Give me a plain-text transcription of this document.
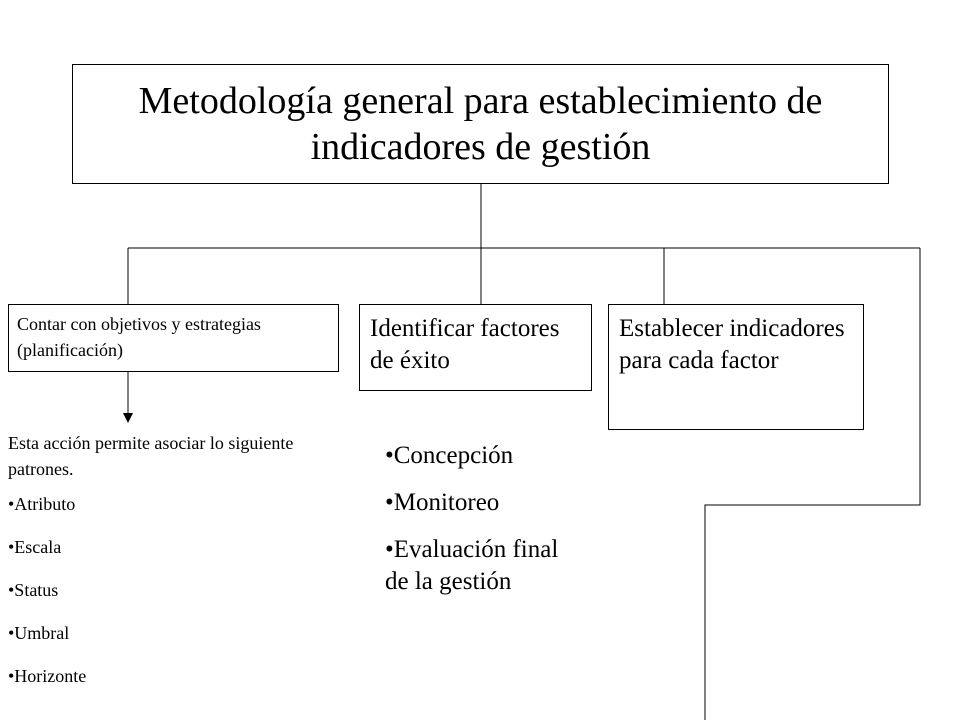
Metodología general para establecimiento de indicadores de gestión
Contar con objetivos y estrategias (planificación)
Identificar factores de éxito
Establecer indicadores para cada factor
Esta acción permite asociar lo siguiente patrones.
•Atributo
•Escala
•Status
•Umbral
•Horizonte
•Concepción
•Monitoreo
•Evaluación final de la gestión
